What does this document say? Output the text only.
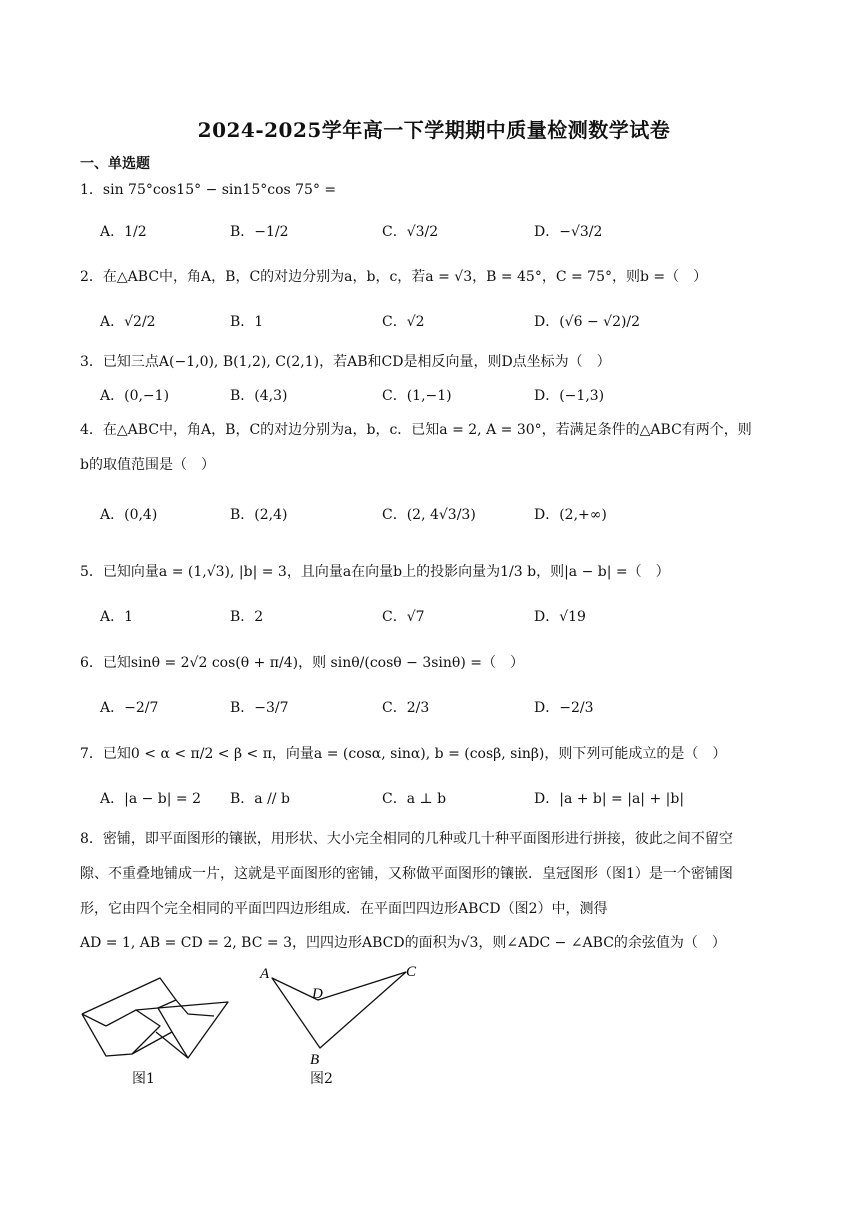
2024-2025学年高一下学期期中质量检测数学试卷
一、单选题
1．sin 75°cos15° − sin15°cos 75° =
A．1/2	B．−1/2	C．√3/2	D．−√3/2
2．在△ABC中，角A，B，C的对边分别为a，b，c，若a = √3，B = 45°，C = 75°，则b =（　）
A．√2/2	B．1	C．√2	D．(√6 − √2)/2
3．已知三点A(−1,0), B(1,2), C(2,1)，若AB和CD是相反向量，则D点坐标为（　）
A．(0,−1)	B．(4,3)	C．(1,−1)	D．(−1,3)
4．在△ABC中，角A，B，C的对边分别为a，b，c．已知a = 2, A = 30°，若满足条件的△ABC有两个，则
b的取值范围是（　）
A．(0,4)	B．(2,4)	C．(2, 4√3/3)	D．(2,+∞)
5．已知向量a = (1,√3), |b| = 3，且向量a在向量b上的投影向量为1/3 b，则|a − b| =（　）
A．1	B．2	C．√7	D．√19
6．已知sinθ = 2√2 cos(θ + π/4)，则 sinθ/(cosθ − 3sinθ) =（　）
A．−2/7	B．−3/7	C．2/3	D．−2/3
7．已知0 < α < π/2 < β < π，向量a = (cosα, sinα), b = (cosβ, sinβ)，则下列可能成立的是（　）
A．|a − b| = 2 B．a // b	C．a ⊥ b	D．|a + b| = |a| + |b|
8．密铺，即平面图形的镶嵌，用形状、大小完全相同的几种或几十种平面图形进行拼接，彼此之间不留空
隙、不重叠地铺成一片，这就是平面图形的密铺，又称做平面图形的镶嵌．皇冠图形（图1）是一个密铺图
形，它由四个完全相同的平面凹四边形组成．在平面凹四边形ABCD（图2）中，测得
AD = 1, AB = CD = 2, BC = 3，凹四边形ABCD的面积为√3，则∠ADC − ∠ABC的余弦值为（　）
图1
A
D
C
B
图2
